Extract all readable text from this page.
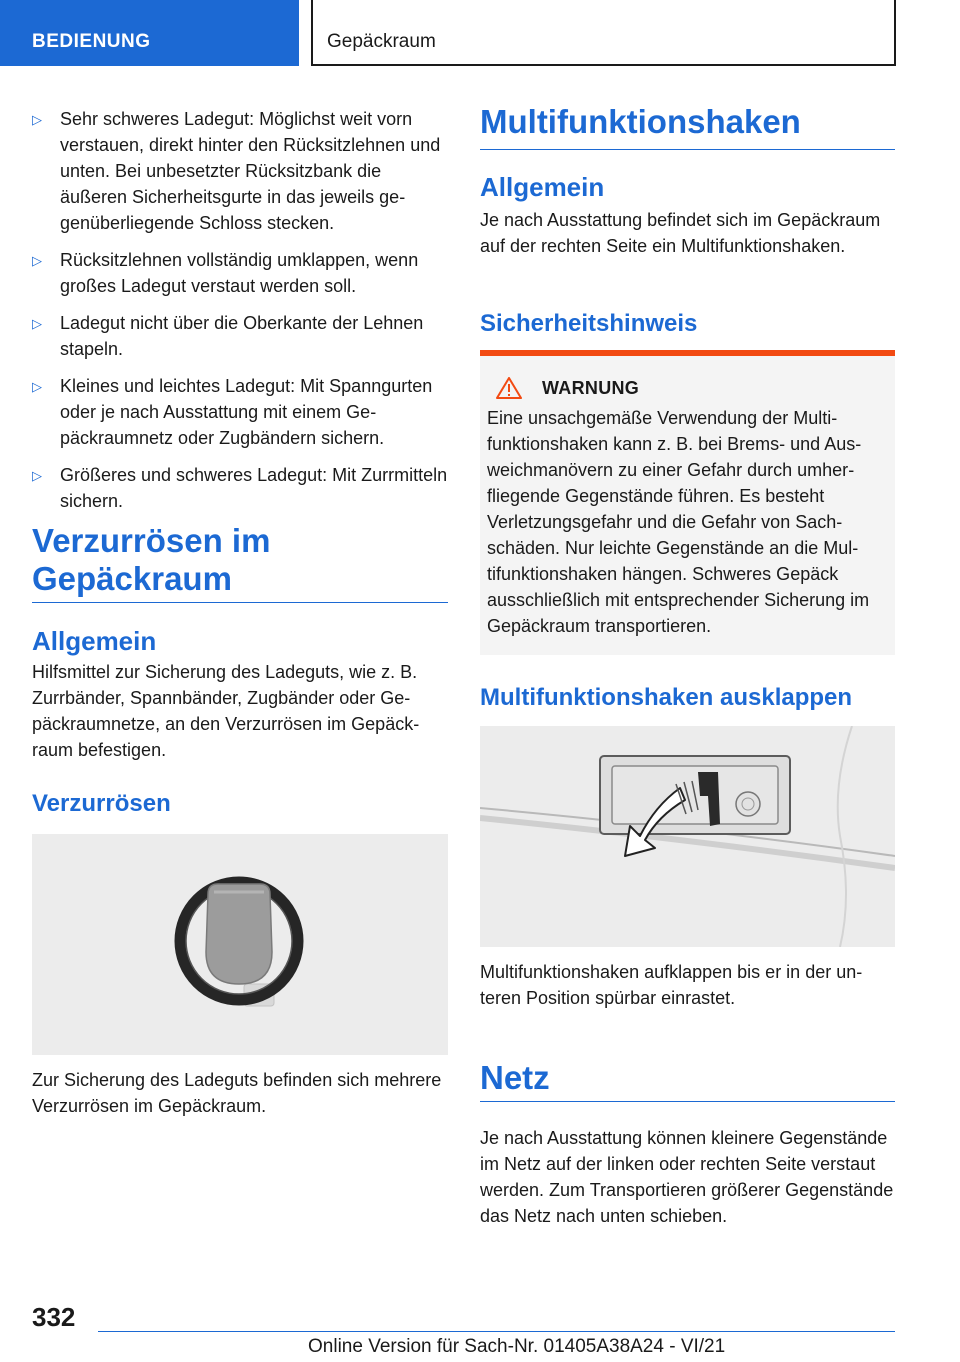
BEDIENUNG	Gepäckraum
▷ Sehr schweres Ladegut: Möglichst weit vorn verstauen, direkt hinter den Rücksitzlehnen und unten. Bei unbesetzter Rücksitzbank die äußeren Sicherheitsgurte in das jeweils gegenüberliegende Schloss stecken.
▷ Rücksitzlehnen vollständig umklappen, wenn großes Ladegut verstaut werden soll.
▷ Ladegut nicht über die Oberkante der Lehnen stapeln.
▷ Kleines und leichtes Ladegut: Mit Spanngurten oder je nach Ausstattung mit einem Gepäckraumnetz oder Zugbändern sichern.
▷ Größeres und schweres Ladegut: Mit Zurrmitteln sichern.
Verzurrösen im
Gepäckraum
Allgemein

Hilfsmittel zur Sicherung des Ladeguts, wie z. B. Zurrbänder, Spannbänder, Zugbänder oder Gepäckraumnetze, an den Verzurrösen im Gepäckraum befestigen.

Verzurrösen

Zur Sicherung des Ladeguts befinden sich mehrere Verzurrösen im Gepäckraum.

Multifunktionshaken
Allgemein

Je nach Ausstattung befindet sich im Gepäckraum auf der rechten Seite ein Multifunktionshaken.

Sicherheitshinweis
WARNUNG

Eine unsachgemäße Verwendung der Multifunktionshaken kann z. B. bei Brems- und Ausweichmanövern zu einer Gefahr durch umherfliegende Gegenstände führen. Es besteht Verletzungsgefahr und die Gefahr von Sachschäden. Nur leichte Gegenstände an die Multifunktionshaken hängen. Schweres Gepäck ausschließlich mit entsprechender Sicherung im Gepäckraum transportieren.

Multifunktionshaken ausklappen

Multifunktionshaken aufklappen bis er in der unteren Position spürbar einrastet.

Netz

Je nach Ausstattung können kleinere Gegenstände im Netz auf der linken oder rechten Seite verstaut werden. Zum Transportieren größerer Gegenstände das Netz nach unten schieben.

332
Online Version für Sach-Nr. 01405A38A24 - VI/21
